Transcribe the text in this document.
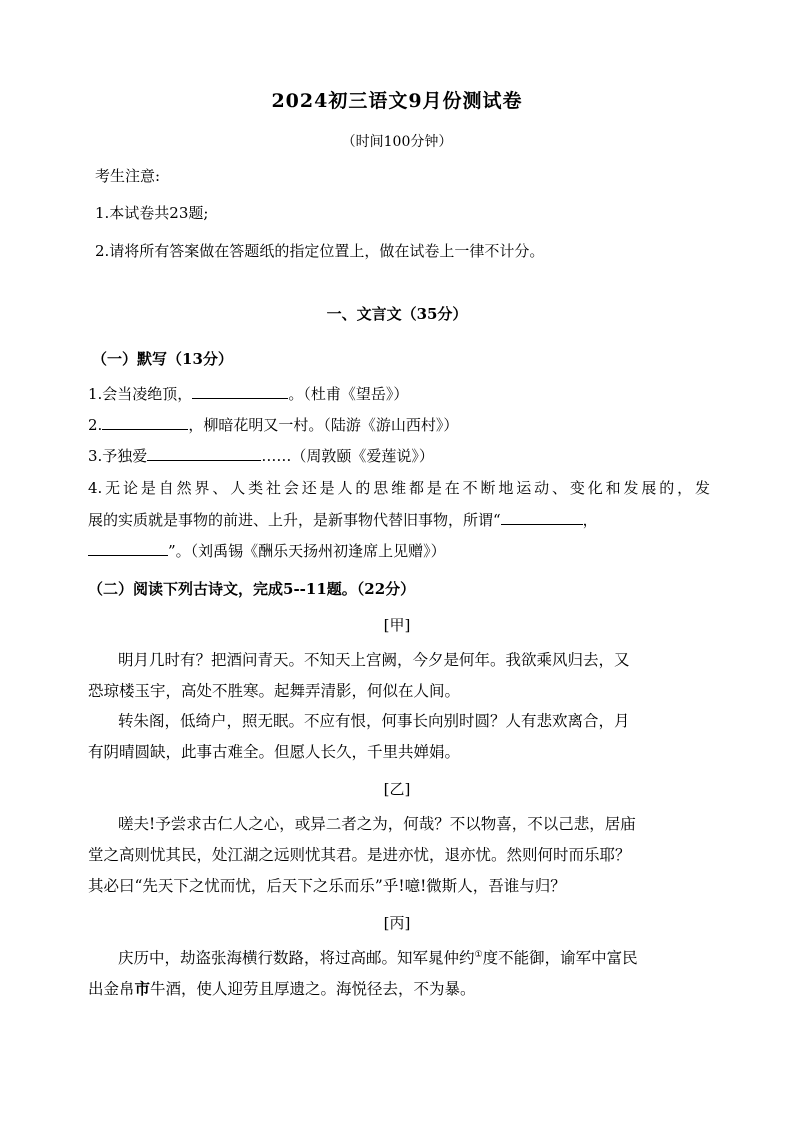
2024初三语文9月份测试卷
（时间100分钟）
考生注意:
1.本试卷共23题;
2.请将所有答案做在答题纸的指定位置上，做在试卷上一律不计分。
一、文言文（35分）
（一）默写（13分）
1.会当凌绝顶，	。（杜甫《望岳》）
2.	，柳暗花明又一村。（陆游《游山西村》）
3.予独爱	……（周敦颐《爱莲说》）
4.无论是自然界、人类社会还是人的思维都是在不断地运动、变化和发展的，发
展的实质就是事物的前进、上升，是新事物代替旧事物，所谓“	，
”。（刘禹锡《酬乐天扬州初逢席上见赠》）
（二）阅读下列古诗文，完成5--11题。（22分）
[甲]
明月几时有？把酒问青天。不知天上宫阙，今夕是何年。我欲乘风归去，又
恐琼楼玉宇，高处不胜寒。起舞弄清影，何似在人间。
转朱阁，低绮户，照无眠。不应有恨，何事长向别时圆？人有悲欢离合，月
有阴晴圆缺，此事古难全。但愿人长久，千里共婵娟。
[乙]
嗟夫!予尝求古仁人之心，或异二者之为，何哉？不以物喜，不以己悲，居庙
堂之高则忧其民，处江湖之远则忧其君。是进亦忧，退亦忧。然则何时而乐耶？
其必曰“先天下之忧而忧，后天下之乐而乐”乎!噫!微斯人，吾谁与归？
[丙]
庆历中，劫盗张海横行数路，将过高邮。知军晁仲约①度不能御，谕军中富民
出金帛市牛酒，使人迎劳且厚遗之。海悦径去，不为暴。
